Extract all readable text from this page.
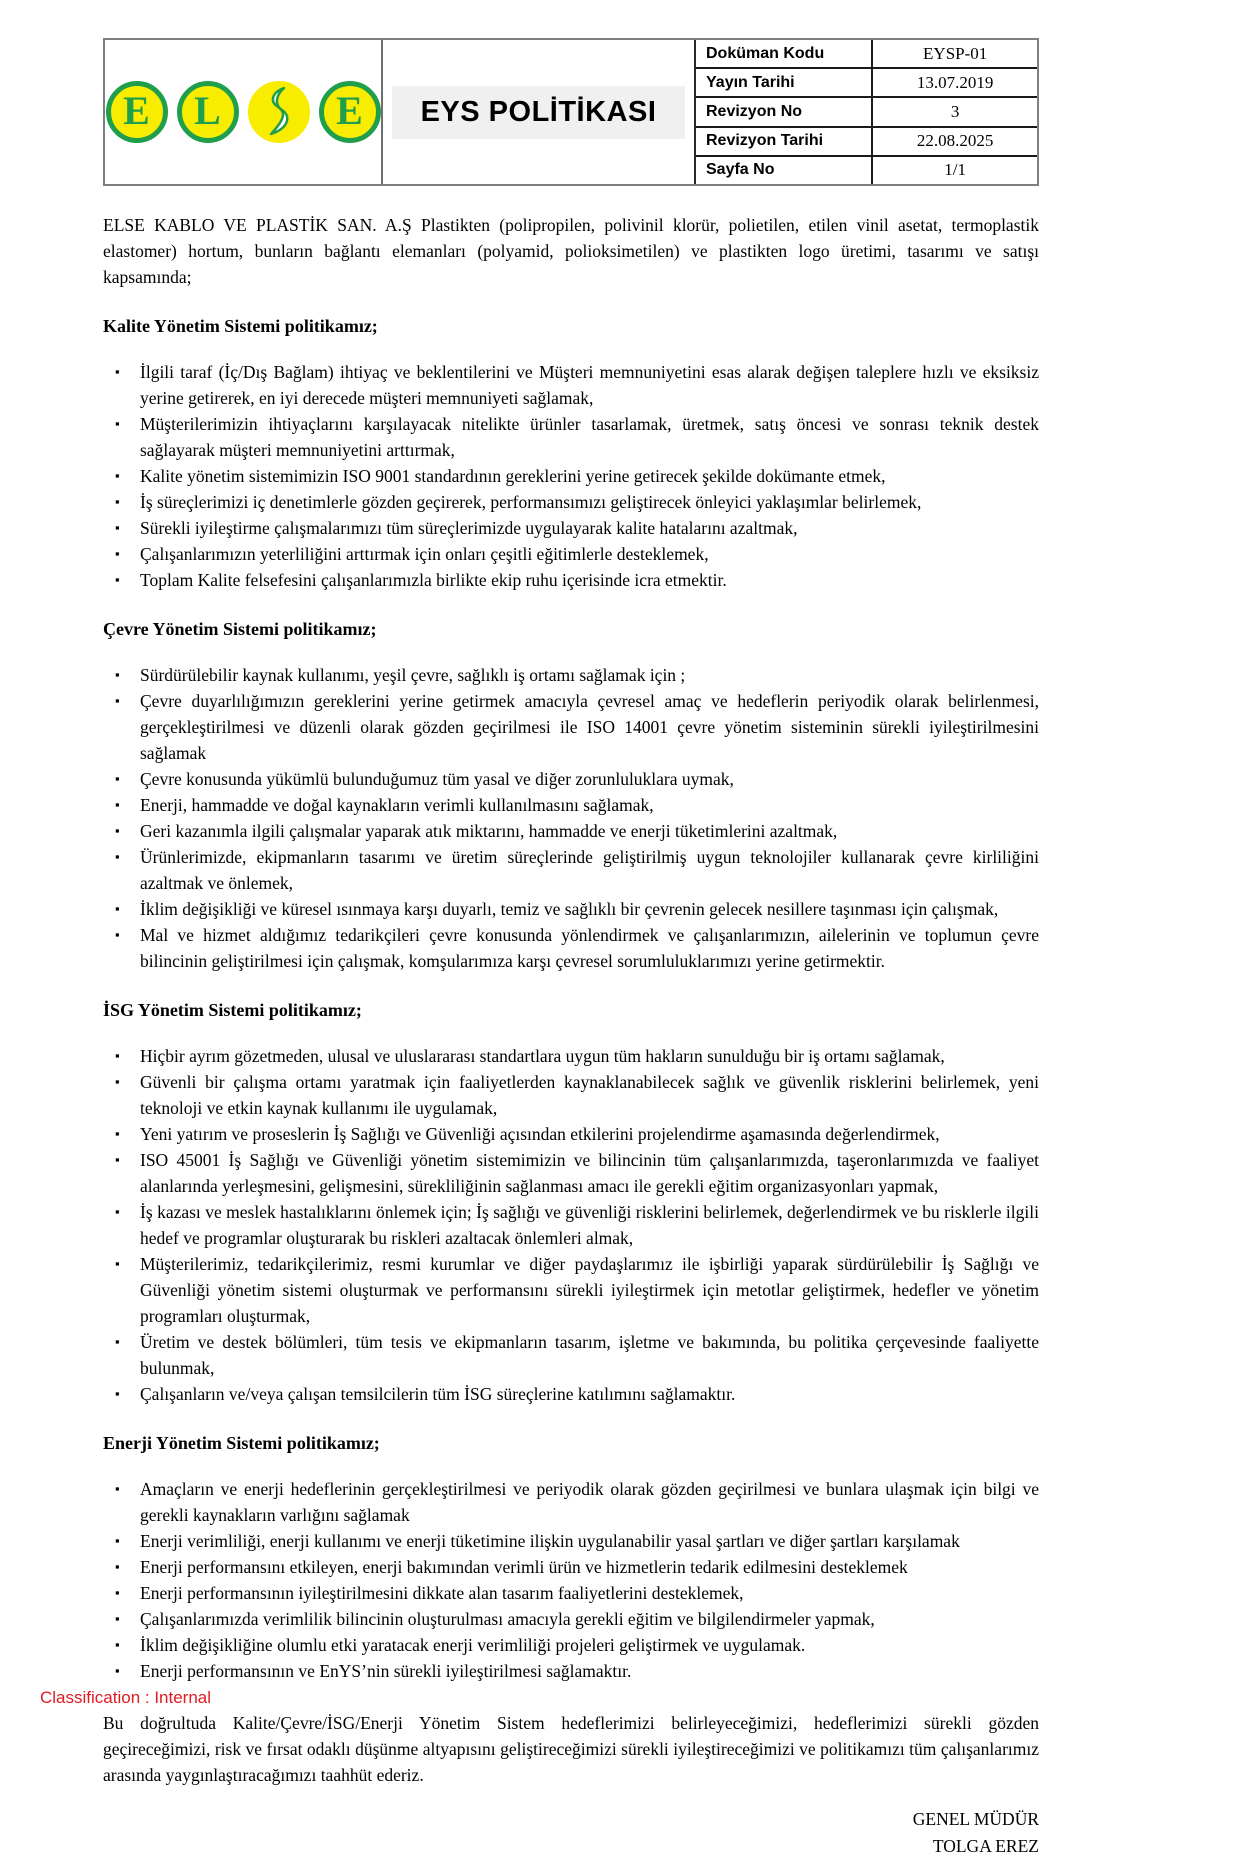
E L	E	EYS POLİTİKASI
Doküman Kodu	EYSP-01
Yayın Tarihi	13.07.2019
Revizyon No	3
Revizyon Tarihi	22.08.2025
Sayfa No	1/1

ELSE KABLO VE PLASTİK SAN. A.Ş Plastikten (polipropilen, polivinil klorür, polietilen, etilen vinil asetat, termoplastik elastomer) hortum, bunların bağlantı elemanları (polyamid, polioksimetilen) ve plastikten logo üretimi, tasarımı ve satışı kapsamında;

Kalite Yönetim Sistemi politikamız;
▪ İlgili taraf (İç/Dış Bağlam) ihtiyaç ve beklentilerini ve Müşteri memnuniyetini esas alarak değişen taleplere hızlı ve eksiksiz yerine getirerek, en iyi derecede müşteri memnuniyeti sağlamak,
▪ Müşterilerimizin ihtiyaçlarını karşılayacak nitelikte ürünler tasarlamak, üretmek, satış öncesi ve sonrası teknik destek sağlayarak müşteri memnuniyetini arttırmak,
▪ Kalite yönetim sistemimizin ISO 9001 standardının gereklerini yerine getirecek şekilde dokümante etmek,
▪ İş süreçlerimizi iç denetimlerle gözden geçirerek, performansımızı geliştirecek önleyici yaklaşımlar belirlemek,
▪ Sürekli iyileştirme çalışmalarımızı tüm süreçlerimizde uygulayarak kalite hatalarını azaltmak,
▪ Çalışanlarımızın yeterliliğini arttırmak için onları çeşitli eğitimlerle desteklemek,
▪ Toplam Kalite felsefesini çalışanlarımızla birlikte ekip ruhu içerisinde icra etmektir.
Çevre Yönetim Sistemi politikamız;
▪ Sürdürülebilir kaynak kullanımı, yeşil çevre, sağlıklı iş ortamı sağlamak için ;
▪ Çevre duyarlılığımızın gereklerini yerine getirmek amacıyla çevresel amaç ve hedeflerin periyodik olarak belirlenmesi, gerçekleştirilmesi ve düzenli olarak gözden geçirilmesi ile ISO 14001 çevre yönetim sisteminin sürekli iyileştirilmesini sağlamak
▪ Çevre konusunda yükümlü bulunduğumuz tüm yasal ve diğer zorunluluklara uymak,
▪ Enerji, hammadde ve doğal kaynakların verimli kullanılmasını sağlamak,
▪ Geri kazanımla ilgili çalışmalar yaparak atık miktarını, hammadde ve enerji tüketimlerini azaltmak,
▪ Ürünlerimizde, ekipmanların tasarımı ve üretim süreçlerinde geliştirilmiş uygun teknolojiler kullanarak çevre kirliliğini azaltmak ve önlemek,
▪ İklim değişikliği ve küresel ısınmaya karşı duyarlı, temiz ve sağlıklı bir çevrenin gelecek nesillere taşınması için çalışmak,
▪ Mal ve hizmet aldığımız tedarikçileri çevre konusunda yönlendirmek ve çalışanlarımızın, ailelerinin ve toplumun çevre bilincinin geliştirilmesi için çalışmak, komşularımıza karşı çevresel sorumluluklarımızı yerine getirmektir.
İSG Yönetim Sistemi politikamız;
▪ Hiçbir ayrım gözetmeden, ulusal ve uluslararası standartlara uygun tüm hakların sunulduğu bir iş ortamı sağlamak,
▪ Güvenli bir çalışma ortamı yaratmak için faaliyetlerden kaynaklanabilecek sağlık ve güvenlik risklerini belirlemek, yeni teknoloji ve etkin kaynak kullanımı ile uygulamak,
▪ Yeni yatırım ve proseslerin İş Sağlığı ve Güvenliği açısından etkilerini projelendirme aşamasında değerlendirmek,
▪ ISO 45001 İş Sağlığı ve Güvenliği yönetim sistemimizin ve bilincinin tüm çalışanlarımızda, taşeronlarımızda ve faaliyet alanlarında yerleşmesini, gelişmesini, sürekliliğinin sağlanması amacı ile gerekli eğitim organizasyonları yapmak,
▪ İş kazası ve meslek hastalıklarını önlemek için; İş sağlığı ve güvenliği risklerini belirlemek, değerlendirmek ve bu risklerle ilgili hedef ve programlar oluşturarak bu riskleri azaltacak önlemleri almak,
▪ Müşterilerimiz, tedarikçilerimiz, resmi kurumlar ve diğer paydaşlarımız ile işbirliği yaparak sürdürülebilir İş Sağlığı ve Güvenliği yönetim sistemi oluşturmak ve performansını sürekli iyileştirmek için metotlar geliştirmek, hedefler ve yönetim programları oluşturmak,
▪ Üretim ve destek bölümleri, tüm tesis ve ekipmanların tasarım, işletme ve bakımında, bu politika çerçevesinde faaliyette bulunmak,
▪ Çalışanların ve/veya çalışan temsilcilerin tüm İSG süreçlerine katılımını sağlamaktır.
Enerji Yönetim Sistemi politikamız;
▪ Amaçların ve enerji hedeflerinin gerçekleştirilmesi ve periyodik olarak gözden geçirilmesi ve bunlara ulaşmak için bilgi ve gerekli kaynakların varlığını sağlamak
▪ Enerji verimliliği, enerji kullanımı ve enerji tüketimine ilişkin uygulanabilir yasal şartları ve diğer şartları karşılamak
▪ Enerji performansını etkileyen, enerji bakımından verimli ürün ve hizmetlerin tedarik edilmesini desteklemek
▪ Enerji performansının iyileştirilmesini dikkate alan tasarım faaliyetlerini desteklemek,
▪ Çalışanlarımızda verimlilik bilincinin oluşturulması amacıyla gerekli eğitim ve bilgilendirmeler yapmak,
▪ İklim değişikliğine olumlu etki yaratacak enerji verimliliği projeleri geliştirmek ve uygulamak.
▪ Enerji performansının ve EnYS’nin sürekli iyileştirilmesi sağlamaktır.

Bu doğrultuda Kalite/Çevre/İSG/Enerji Yönetim Sistem hedeflerimizi belirleyeceğimizi, hedeflerimizi sürekli gözden geçireceğimizi, risk ve fırsat odaklı düşünme altyapısını geliştireceğimizi sürekli iyileştireceğimizi ve politikamızı tüm çalışanlarımız arasında yaygınlaştıracağımızı taahhüt ederiz.

GENEL MÜDÜR
TOLGA EREZ
Classification : Internal
